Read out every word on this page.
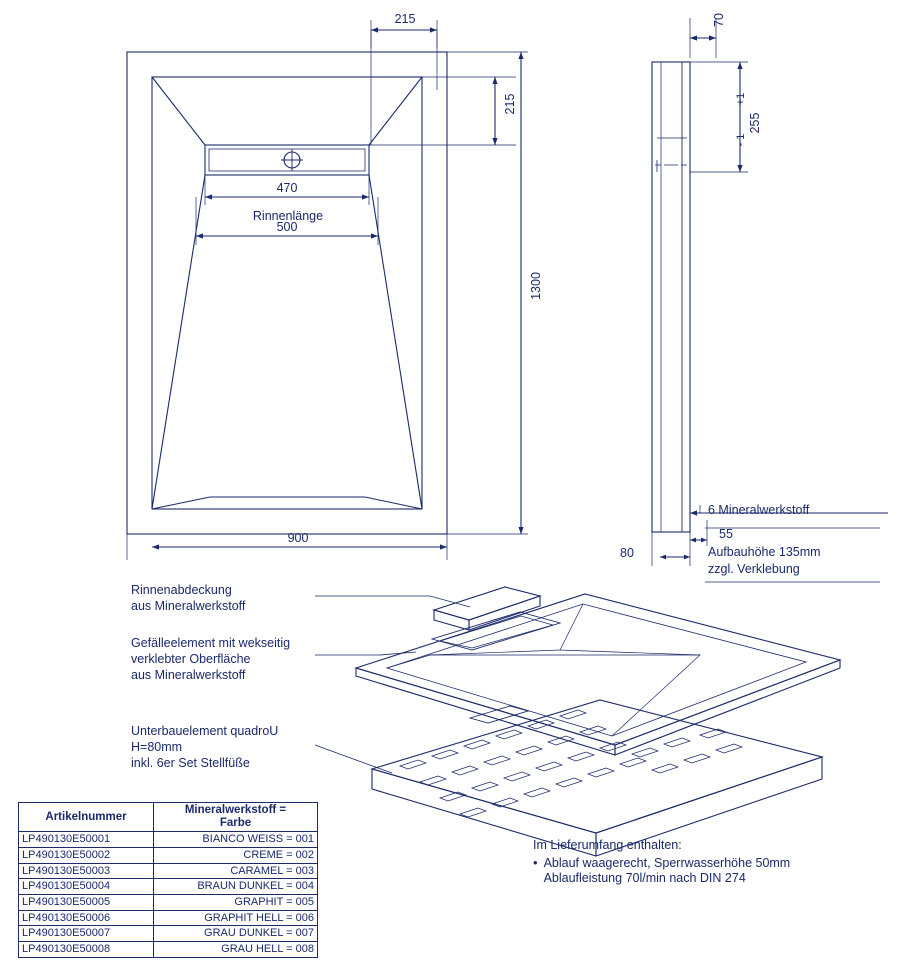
215
215
1300
900
470
Rinnenlänge
500
70
255
+1
- 1
6 Mineralwerkstoff
55
80	Aufbauhöhe 135mm
zzgl. Verklebung
Rinnenabdeckung
aus Mineralwerkstoff
Gefälleelement mit wekseitig
verklebter Oberfläche
aus Mineralwerkstoff
Unterbauelement quadroU
H=80mm
inkl. 6er Set Stellfüße
Artikelnummer	Mineralwerkstoff =
Farbe
LP490130E50001	BIANCO WEISS = 001
LP490130E50002	CREME = 002
LP490130E50003	CARAMEL = 003
LP490130E50004	BRAUN DUNKEL = 004
LP490130E50005	GRAPHIT = 005
LP490130E50006	GRAPHIT HELL = 006
LP490130E50007	GRAU DUNKEL = 007
LP490130E50008	GRAU HELL = 008
Im Lieferumfang enthalten:
• Ablauf waagerecht, Sperrwasserhöhe 50mm
Ablaufleistung 70l/min nach DIN 274
